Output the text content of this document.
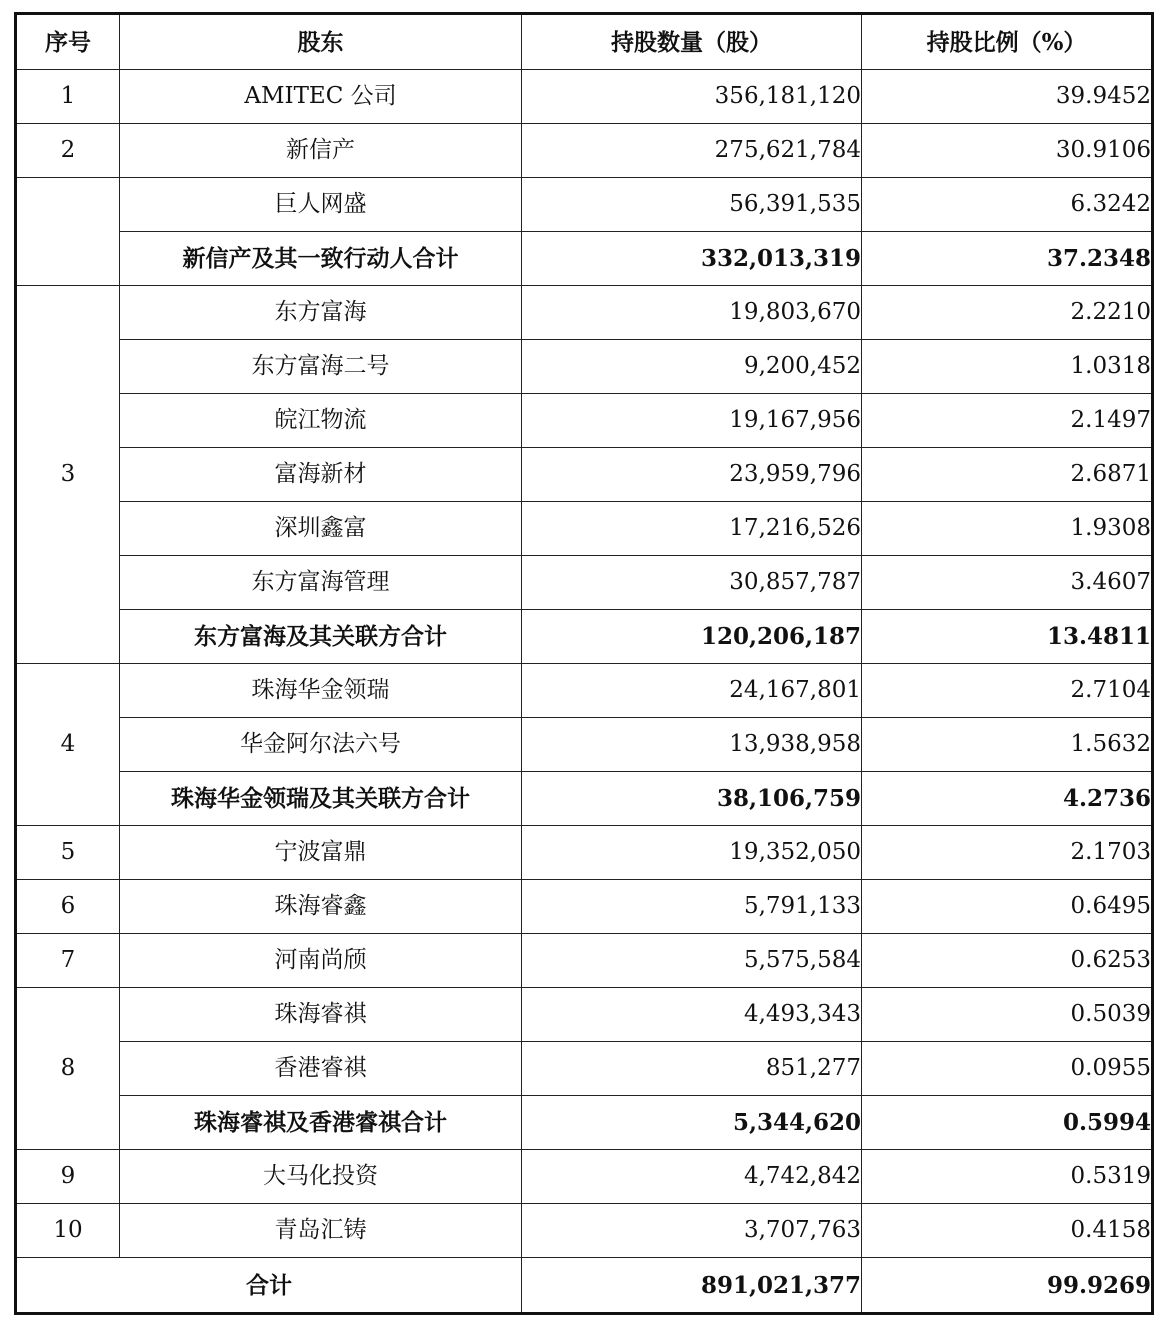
序号	股东	持股数量（股）	持股比例（%）
1	AMITEC 公司	356,181,120	39.9452
2	新信产	275,621,784	30.9106
	巨人网盛	56,391,535	6.3242
	新信产及其一致行动人合计	332,013,319	37.2348
3	东方富海	19,803,670	2.2210
	东方富海二号	9,200,452	1.0318
	皖江物流	19,167,956	2.1497
	富海新材	23,959,796	2.6871
	深圳鑫富	17,216,526	1.9308
	东方富海管理	30,857,787	3.4607
	东方富海及其关联方合计	120,206,187	13.4811
4	珠海华金领瑞	24,167,801	2.7104
	华金阿尔法六号	13,938,958	1.5632
	珠海华金领瑞及其关联方合计	38,106,759	4.2736
5	宁波富鼎	19,352,050	2.1703
6	珠海睿鑫	5,791,133	0.6495
7	河南尚颀	5,575,584	0.6253
8	珠海睿祺	4,493,343	0.5039
	香港睿祺	851,277	0.0955
	珠海睿祺及香港睿祺合计	5,344,620	0.5994
9	大马化投资	4,742,842	0.5319
10	青岛汇铸	3,707,763	0.4158
合计		891,021,377	99.9269
